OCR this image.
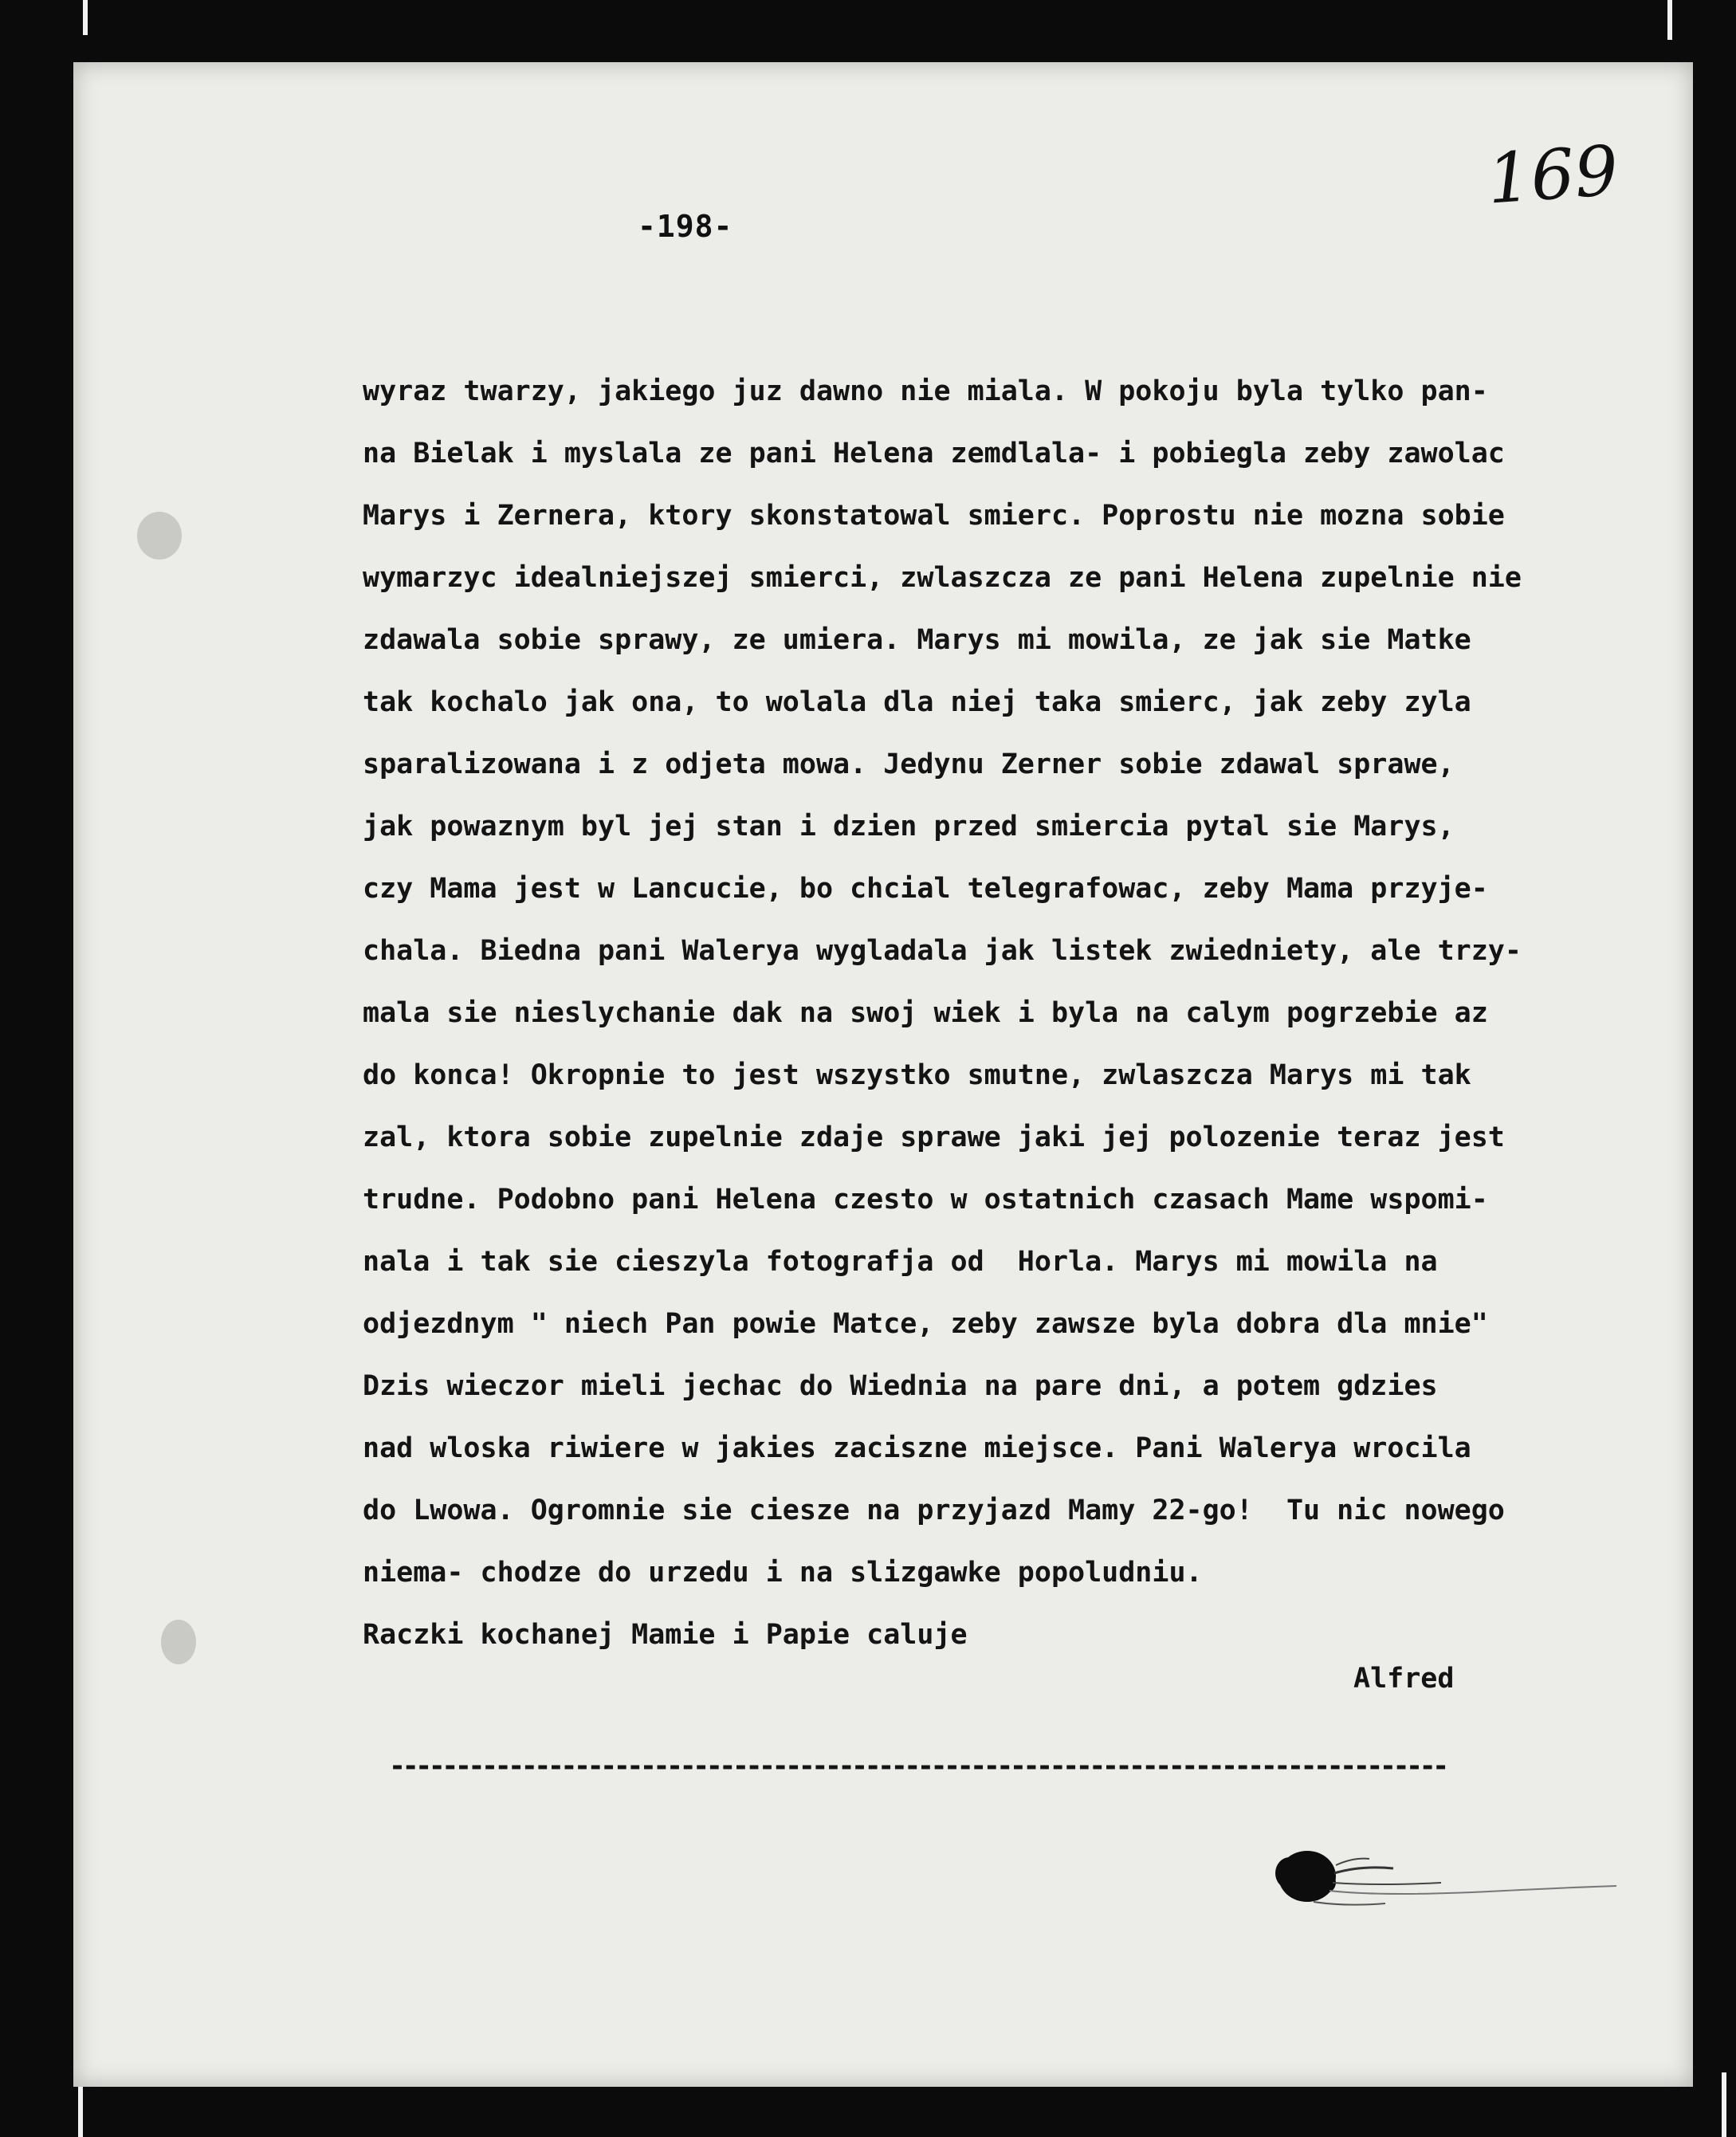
-198-
169
wyraz twarzy, jakiego juz dawno nie miala. W pokoju byla tylko pan-
na Bielak i myslala ze pani Helena zemdlala- i pobiegla zeby zawolac
Marys i Zernera, ktory skonstatowal smierc. Poprostu nie mozna sobie
wymarzyc idealniejszej smierci, zwlaszcza ze pani Helena zupelnie nie
zdawala sobie sprawy, ze umiera. Marys mi mowila, ze jak sie Matke
tak kochalo jak ona, to wolala dla niej taka smierc, jak zeby zyla
sparalizowana i z odjeta mowa. Jedynu Zerner sobie zdawal sprawe,
jak powaznym byl jej stan i dzien przed smiercia pytal sie Marys,
czy Mama jest w Lancucie, bo chcial telegrafowac, zeby Mama przyje-
chala. Biedna pani Walerya wygladala jak listek zwiedniety, ale trzy-
mala sie nieslychanie dak na swoj wiek i byla na calym pogrzebie az
do konca! Okropnie to jest wszystko smutne, zwlaszcza Marys mi tak
zal, ktora sobie zupelnie zdaje sprawe jaki jej polozenie teraz jest
trudne. Podobno pani Helena czesto w ostatnich czasach Mame wspomi-
nala i tak sie cieszyla fotografja od  Horla. Marys mi mowila na
odjezdnym " niech Pan powie Matce, zeby zawsze byla dobra dla mnie"
Dzis wieczor mieli jechac do Wiednia na pare dni, a potem gdzies
nad wloska riwiere w jakies zaciszne miejsce. Pani Walerya wrocila
do Lwowa. Ogromnie sie ciesze na przyjazd Mamy 22-go!  Tu nic nowego
niema- chodze do urzedu i na slizgawke popoludniu.
Raczki kochanej Mamie i Papie caluje
Alfred
--------------------------------------------------------------------------------
